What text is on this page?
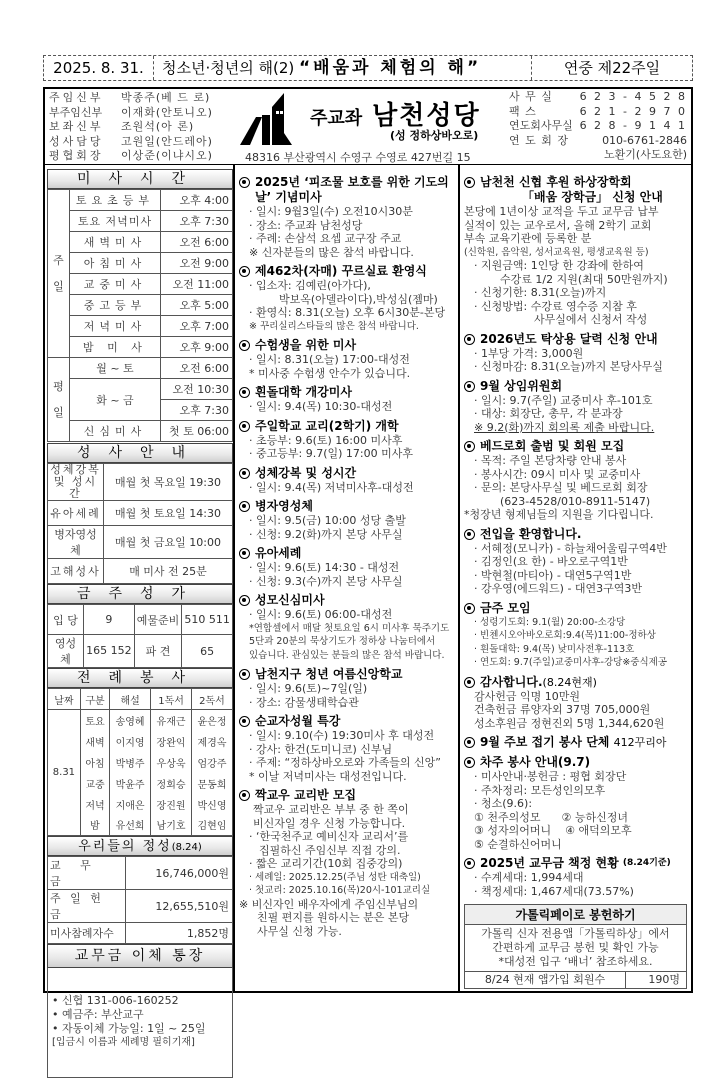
2025. 8. 31.	청소년·청년의 해(2) “배움과 체험의 해”	연중 제22주일
주임신부	박종주(베 드 로)
부주임신부	이재화(안토니오)
보좌신부	조원석(아 론)
성사담당	고원일(안드레아)
평협회장	이상준(이냐시오)
주교좌 남천성당
(성 정하상바오로)
48316 부산광역시 수영구 수영로 427번길 15
사 무 실	6 2 3 - 4 5 2 8
팩 스	6 2 1 - 2 9 7 0
연도회사무실 6 2 8 - 9 1 4 1
연 도 회 장	010-6761-2846
노환기(사도요한)
미사시간
주 일	토요초등부	오후 4:00
	토요 저녁미사	오후 7:30
	새벽미사	오전 6:00
	아침미사	오전 9:00
	교중미사	오전 11:00
	중고등부	오후 5:00
	저녁미사	오후 7:00
	밤 미 사	오후 9:00
평 일	월 ~ 토	오전 6:00
	화 ~ 금	오전 10:30
		오후 7:30
	신심미사	첫 토 06:00
성사안내
성체강복 및 성시간	매월 첫 목요일 19:30
유아세례	매월 첫 토요일 14:30
병자영성체	매월 첫 금요일 10:00
고해성사	매 미사 전 25분
금주성가
입 당	9	예물준비	510 511
영성체	165 152	파 견	65
전례봉사
날짜	구분	해설	1독서	2독서
8.31	토요	송영혜	유재근	윤은정
	새벽	이지영	장완익	제경옥
	아침	박병주	우상욱	엄강주
	교중	박윤주	정회승	문동희
	저녁	지애은	장진원	박신영
	밤	유선희	남기호	김현임
우리들의 정성(8.24)
교 무 금	16,746,000원
주 일 헌 금	12,655,510원
미사참례자수	1,852명
교무금 이체 통장
• 신협 131-006-160252
• 예금주: 부산교구
• 자동이체 가능일: 1일 ~ 25일
[입금시 이름과 세례명 필히기재]
2025년 ‘피조물 보호를 위한 기도의 날’ 기념미사

· 일시: 9월3일(수) 오전10시30분

· 장소: 주교좌 남천성당

· 주례: 손삼석 요셉 교구장 주교

※ 신자분들의 많은 참석 바랍니다.

제462차(자매) 꾸르실료 환영식

· 입소자: 김예린(아가다),

박보옥(아델라이다),박성심(젬마)

· 환영식: 8.31(오늘) 오후 6시30분-본당

※ 꾸리실리스타들의 많은 참석 바랍니다.

수험생을 위한 미사

· 일시: 8.31(오늘) 17:00-대성전

* 미사중 수험생 안수가 있습니다.

흰돌대학 개강미사

· 일시: 9.4(목) 10:30-대성전

주일학교 교리(2학기) 개학

· 초등부: 9.6(토) 16:00 미사후

· 중고등부: 9.7(일) 17:00 미사후

성체강복 및 성시간

· 일시: 9.4(목) 저녁미사후-대성전

병자영성체

· 일시: 9.5(금) 10:00 성당 출발

· 신청: 9.2(화)까지 본당 사무실

유아세례

· 일시: 9.6(토) 14:30 - 대성전

· 신청: 9.3(수)까지 본당 사무실

성모신심미사

· 일시: 9.6(토) 06:00-대성전

*연합셀에서 매달 첫토요일 6시 미사후 묵주기도

5단과 20분의 묵상기도가 정하상 나눔터에서

있습니다. 관심있는 분들의 많은 참석 바랍니다.

남천지구 청년 여름신앙학교

· 일시: 9.6(토)~7일(일)

· 장소: 감물생태학습관

순교자성월 특강

· 일시: 9.10(수) 19:30미사 후 대성전

· 강사: 한건(도미니코) 신부님

· 주제: “정하상바오로와 가족들의 신앙”

* 이날 저녁미사는 대성전입니다.

짝교우 교리반 모집

짝교우 교리반은 부부 중 한 쪽이

비신자일 경우 신청 가능합니다.

· ‘한국천주교 예비신자 교리서’를

집필하신 주임신부 직접 강의.

· 짧은 교리기간(10회 집중강의)

· 세례일: 2025.12.25(주님 성탄 대축일)

· 첫교리: 2025.10.16(목)20시-101교리실

※ 비신자인 배우자에게 주임신부님의

친필 편지를 원하시는 분은 본당

사무실 신청 가능.

남천천 신협 후원 하상장학회
「배움 장학금」 신청 안내

본당에 1년이상 교적을 두고 교무금 납부

실적이 있는 교우로서, 올해 2학기 교회

부속 교육기관에 등록한 분

(신학원, 음악원, 성서교육원, 평생교육원 등)

· 지원금액: 1인당 한 강좌에 한하여

수강료 1/2 지원(최대 50만원까지)

· 신청기한: 8.31(오늘)까지

· 신청방법: 수강료 영수증 지참 후

사무실에서 신청서 작성

2026년도 탁상용 달력 신청 안내

· 1부당 가격: 3,000원

· 신청마감: 8.31(오늘)까지 본당사무실

9월 상임위원회

· 일시: 9.7(주일) 교중미사 후-101호

· 대상: 회장단, 총무, 각 분과장

※ 9.2(화)까지 회의록 제출 바랍니다.

베드로회 출범 및 회원 모집

· 목적: 주일 본당차량 안내 봉사

· 봉사시간: 09시 미사 및 교중미사

· 문의: 본당사무실 및 베드로회 회장

(623-4528/010-8911-5147)

*청장년 형제님들의 지원을 기다립니다.

전입을 환영합니다.

· 서혜정(모니카) - 하늘채어울림구역4반

· 김정인(요 한) - 바오로구역1반

· 박현철(마티아) - 대연5구역1반

· 강우영(에드워드) - 대연3구역3반

금주 모임

· 성령기도회: 9.1(월) 20:00-소강당

· 빈첸시오아바오로회:9.4(목)11:00-정하상

· 흰돌대학: 9.4(목) 낮미사전후-113호

· 연도회: 9.7(주일)교중미사후-강당※중식제공

감사합니다. (8.24현재)

감사헌금 익명 10만원

건축헌금 류양자외 37명 705,000원

성소후원금 정현진외 5명 1,344,620원

9월 주보 접기 봉사 단체
412꾸리아
차주 봉사 안내(9.7)

· 미사안내·봉헌금 : 평협 회장단

· 주차정리: 모든성인의모후

· 청소(9.6):

① 천주의성모      ② 능하신정녀

③ 성자의어머니    ④ 애덕의모후

⑤ 순결하신어머니

2025년 교무금 책정 현황
(8.24기준)

· 수계세대: 1,994세대

· 책정세대: 1,467세대(73.57%)

가톨릭페이로 봉헌하기
가톨릭 신자 전용앱「가톨릭하상」에서
간편하게 교무금 봉헌 및 확인 가능
*대성전 입구 ‘배너’ 참조하세요.
8/24 현재 앱가입 회원수	190명
